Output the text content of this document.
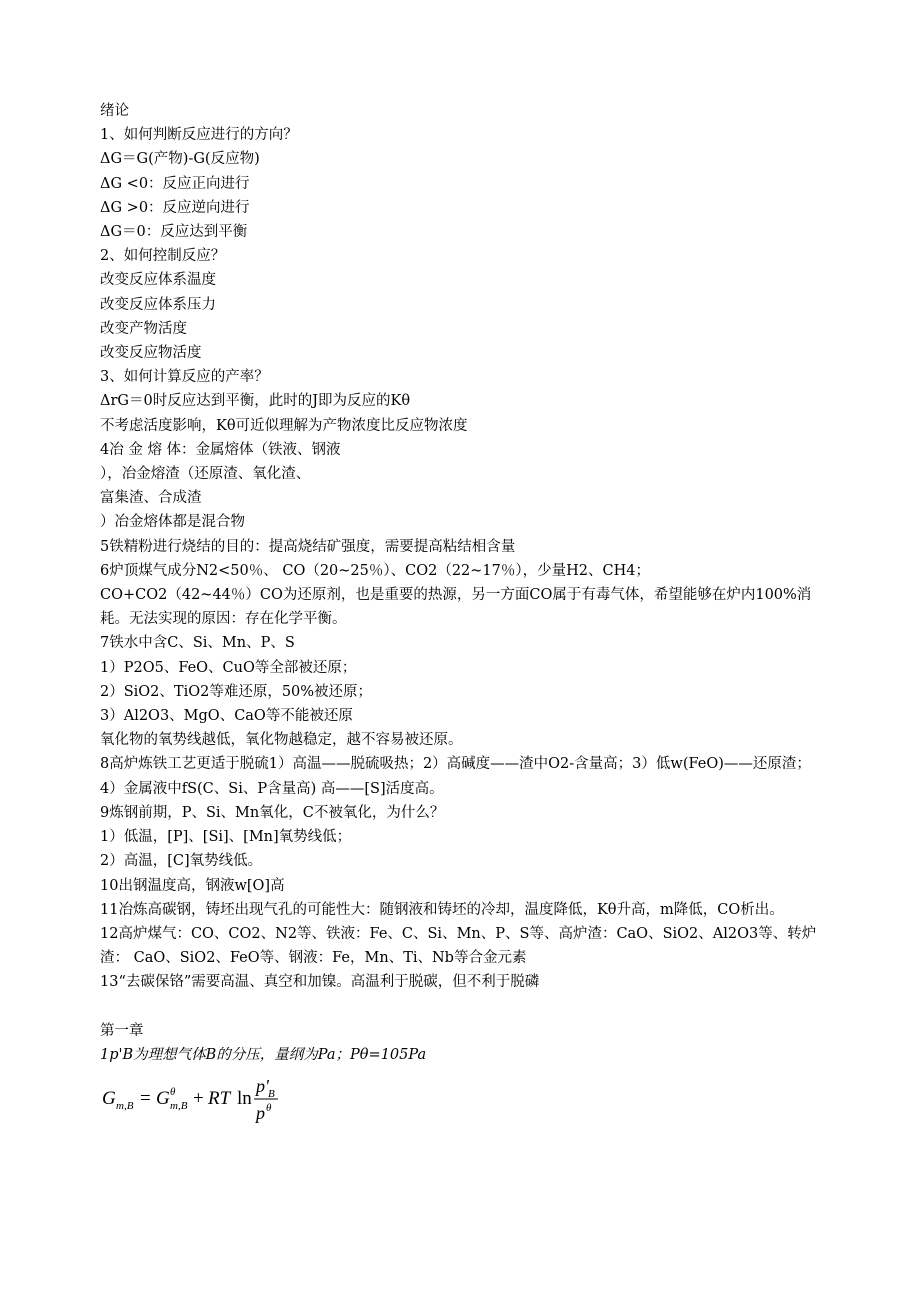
绪论
1、如何判断反应进行的方向？
ΔG＝G(产物)-G(反应物)
ΔG <0：反应正向进行
ΔG >0：反应逆向进行
ΔG＝0：反应达到平衡
2、如何控制反应？
改变反应体系温度
改变反应体系压力
改变产物活度
改变反应物活度
3、如何计算反应的产率？
ΔrG＝0时反应达到平衡，此时的J即为反应的Kθ
不考虑活度影响，Kθ可近似理解为产物浓度比反应物浓度
4冶 金 熔 体：金属熔体（铁液、钢液
），冶金熔渣（还原渣、氧化渣、
富集渣、合成渣
）冶金熔体都是混合物
5铁精粉进行烧结的目的：提高烧结矿强度，需要提高粘结相含量
6炉顶煤气成分N2<50％、 CO（20~25％）、CO2（22~17％），少量H2、CH4；
CO+CO2（42~44％）CO为还原剂，也是重要的热源，另一方面CO属于有毒气体，希望能够在炉内100%消耗。无法实现的原因：存在化学平衡。
7铁水中含C、Si、Mn、P、S
1）P2O5、FeO、CuO等全部被还原；
2）SiO2、TiO2等难还原，50%被还原；
3）Al2O3、MgO、CaO等不能被还原
氧化物的氧势线越低，氧化物越稳定，越不容易被还原。
8高炉炼铁工艺更适于脱硫1）高温——脱硫吸热；2）高碱度——渣中O2-含量高；3）低w(FeO)——还原渣；4）金属液中fS(C、Si、P含量高) 高——[S]活度高。
9炼钢前期，P、Si、Mn氧化，C不被氧化，为什么？
1）低温，[P]、[Si]、[Mn]氧势线低；
2）高温，[C]氧势线低。
10出钢温度高，钢液w[O]高
11冶炼高碳钢，铸坯出现气孔的可能性大：随钢液和铸坯的冷却，温度降低，Kθ升高，m降低，CO析出。
12高炉煤气：CO、CO2、N2等、铁液：Fe、C、Si、Mn、P、S等、高炉渣：CaO、SiO2、Al2O3等、转炉渣： CaO、SiO2、FeO等、钢液：Fe，Mn、Ti、Nb等合金元素
13“去碳保铬”需要高温、真空和加镍。高温利于脱碳，但不利于脱磷
第一章
1p'B为理想气体B的分压，量纲为Pa；Pθ=105Pa
G m,B = G θ
m,B + RT ln
p' B
p θ
